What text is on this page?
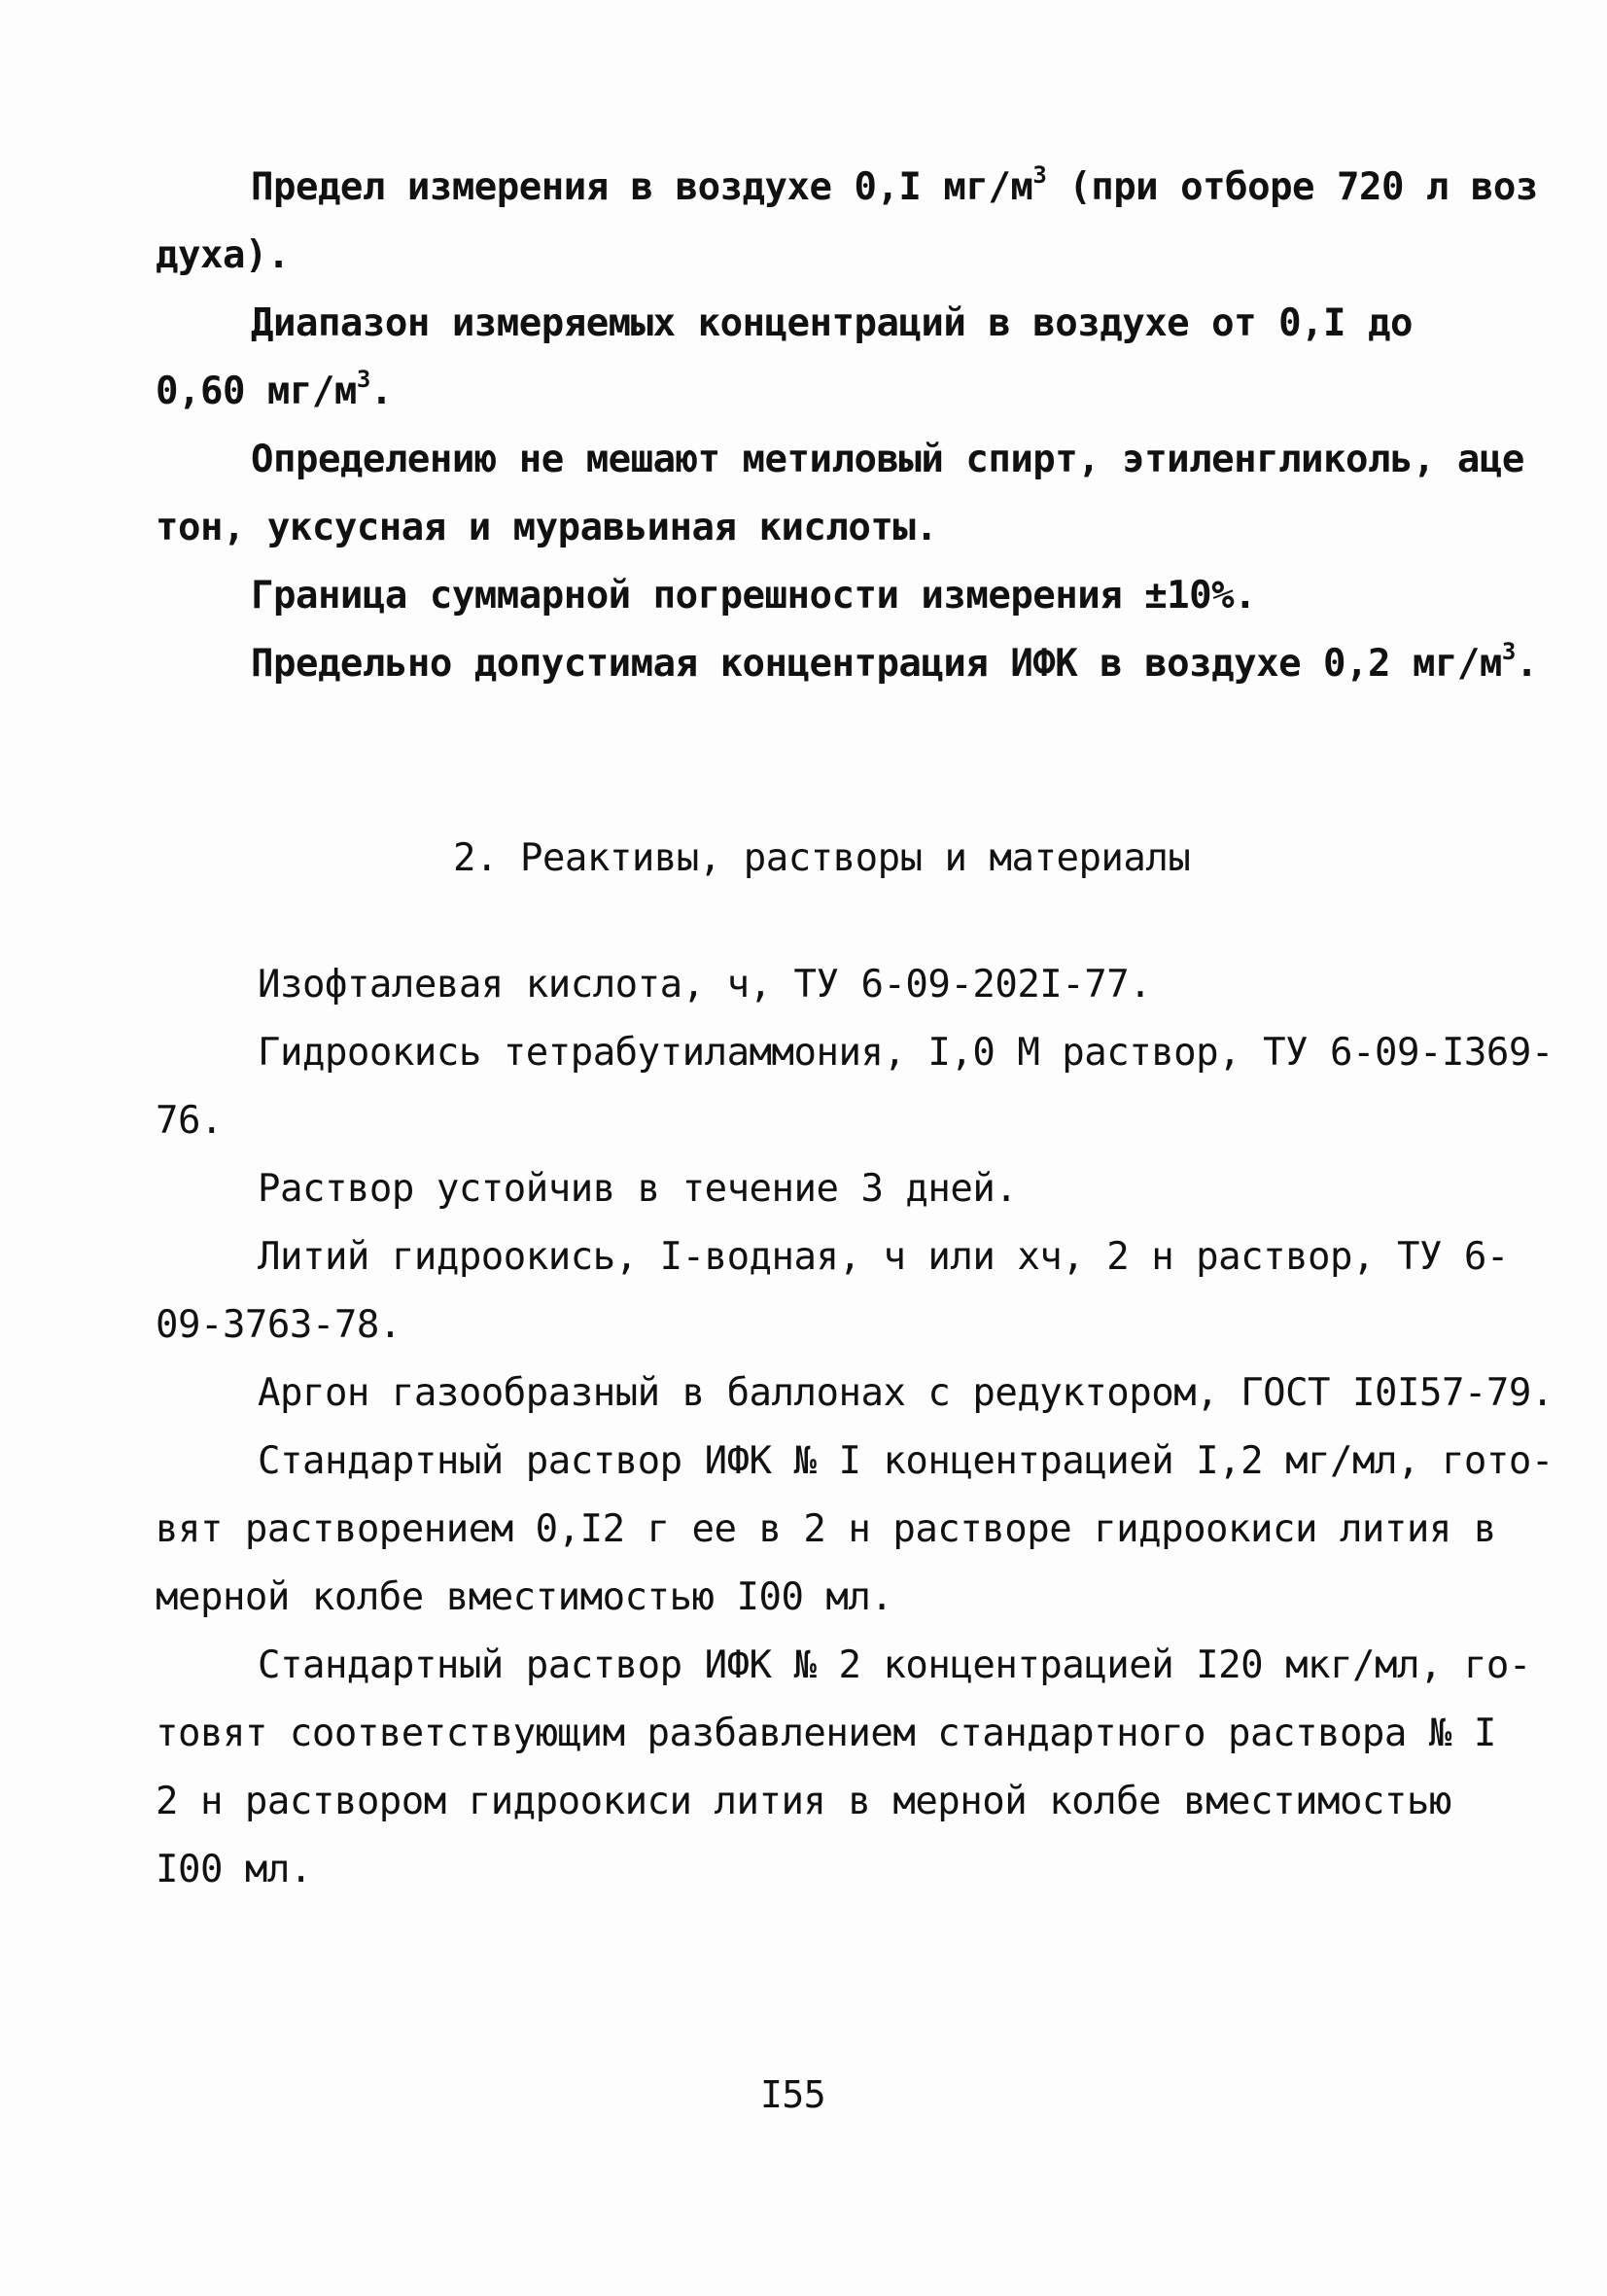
Предел измерения в воздухе 0,I $мг/м^3$ (при отборе 720 л воз
духа).
Диапазон измеряемых концентраций в воздухе от 0,I до
0,60 $мг/м^3$.
Определению не мешают метиловый спирт, этиленгликоль, аце
тон, уксусная и муравьиная кислоты.
Граница суммарной погрешности измерения ±10%.
Предельно допустимая концентрация ИФК в воздухе 0,2 $мг/м^3$.
2. Реактивы, растворы и материалы
Изофталевая кислота, ч, ТУ 6-09-202I-77.
Гидроокись тетрабутиламмония, I,0 М раствор, ТУ 6-09-I369-
76.
Раствор устойчив в течение 3 дней.
Литий гидроокись, I-водная, ч или хч, 2 н раствор, ТУ 6-
09-3763-78.
Аргон газообразный в баллонах с редуктором, ГОСТ I0I57-79.
Стандартный раствор ИФК № I концентрацией I,2 мг/мл, гото-
вят растворением 0,I2 г ее в 2 н растворе гидроокиси лития в
мерной колбе вместимостью I00 мл.
Стандартный раствор ИФК № 2 концентрацией I20 мкг/мл, го-
товят соответствующим разбавлением стандартного раствора № I
2 н раствором гидроокиси лития в мерной колбе вместимостью
I00 мл.
I55
